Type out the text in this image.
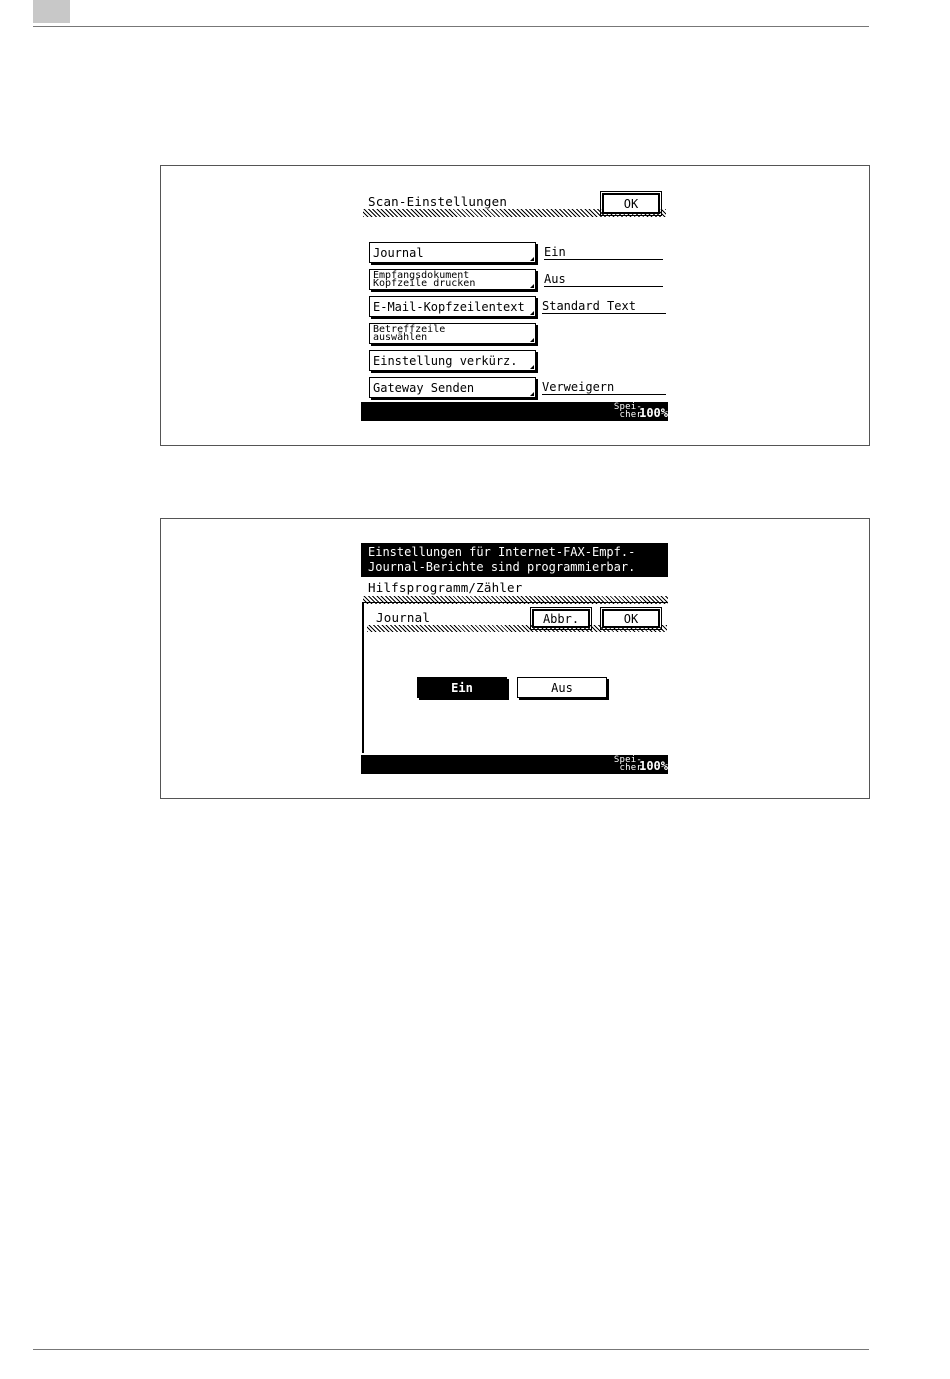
Scan-Einstellungen	OK
Journal	Ein
Empfangsdokument
Kopfzeile drucken	Aus
E-Mail-Kopfzeilentext Standard Text
Betreffzeile
auswählen
Einstellung verkürz.
Gateway Senden	Verweigern
Spei-
cher
100%
Einstellungen für Internet-FAX-Empf.-
Journal-Berichte sind programmierbar.
Hilfsprogramm/Zähler
Journal	Abbr.	OK
Ein	Aus
Spei-
cher
100%
